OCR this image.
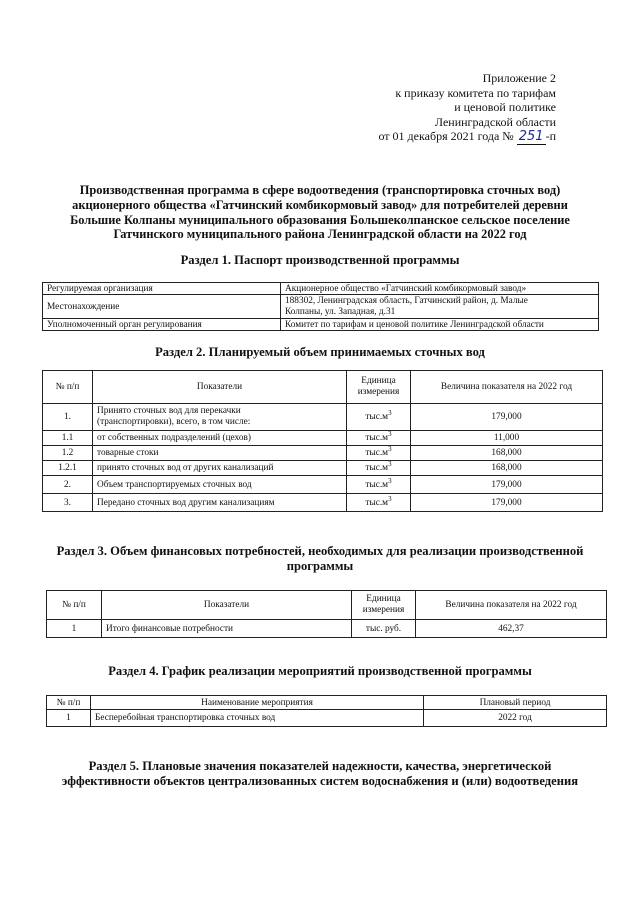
Приложение 2
к приказу комитета по тарифам
и ценовой политике
Ленинградской области
от 01 декабря 2021 года № 251 -п
Производственная программа в сфере водоотведения (транспортировка сточных вод)
акционерного общества «Гатчинский комбикормовый завод» для потребителей деревни
Большие Колпаны муниципального образования Большеколпанское сельское поселение
Гатчинского муниципального района Ленинградской области на 2022 год
Раздел 1. Паспорт производственной программы
Регулируемая организация	Акционерное общество «Гатчинский комбикормовый завод»
Местонахождение	188302, Ленинградская область, Гатчинский район, д. Малые
Колпаны, ул. Западная, д.31

Уполномоченный орган регулирования	Комитет по тарифам и ценовой политике Ленинградской области
Раздел 2. Планируемый объем принимаемых сточных вод
№ п/п	Показатели	Единица
измерения	Величина показателя на 2022 год
1.	Принято сточных вод для перекачки
(транспортировки), всего, в том числе:	$тыс.м^3$	179,000
1.1	от собственных подразделений (цехов)	$тыс.м^3$	11,000
1.2	товарные стоки	$тыс.м^3$	168,000
1.2.1	принято сточных вод от других канализаций	$тыс.м^3$	168,000
2.	Объем транспортируемых сточных вод	$тыс.м^3$	179,000
3.	Передано сточных вод другим канализациям	$тыс.м^3$	179,000
Раздел 3. Объем финансовых потребностей, необходимых для реализации производственной
программы
№ п/п	Показатели	Единица
измерения	Величина показателя на 2022 год
1	Итого финансовые потребности	тыс. руб.	462,37
Раздел 4. График реализации мероприятий производственной программы
№ п/п	Наименование мероприятия	Плановый период
1	Бесперебойная транспортировка сточных вод	2022 год
Раздел 5. Плановые значения показателей надежности, качества, энергетической
эффективности объектов централизованных систем водоснабжения и (или) водоотведения
